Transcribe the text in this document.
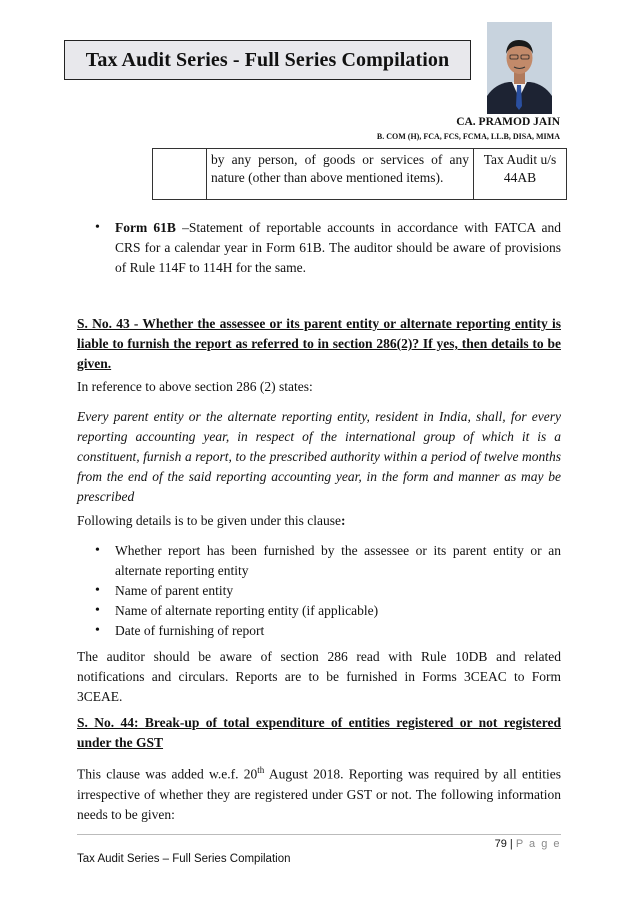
Tax Audit Series - Full Series Compilation
CA. PRAMOD JAIN
B. COM (H), FCA, FCS, FCMA, LL.B, DISA, MIMA
	by any person, of goods or services of any nature (other than above mentioned items).	Tax Audit u/s 44AB
• Form 61B –Statement of reportable accounts in accordance with FATCA and CRS for a calendar year in Form 61B. The auditor should be aware of provisions of Rule 114F to 114H for the same.
S. No. 43 - Whether the assessee or its parent entity or alternate reporting entity is liable to furnish the report as referred to in section 286(2)? If yes, then details to be given.
In reference to above section 286 (2) states:
Every parent entity or the alternate reporting entity, resident in India, shall, for every reporting accounting year, in respect of the international group of which it is a constituent, furnish a report, to the prescribed authority within a period of twelve months from the end of the said reporting accounting year, in the form and manner as may be prescribed
Following details is to be given under this clause:
• Whether report has been furnished by the assessee or its parent entity or an alternate reporting entity
• Name of parent entity
• Name of alternate reporting entity (if applicable)
• Date of furnishing of report
The auditor should be aware of section 286 read with Rule 10DB and related notifications and circulars. Reports are to be furnished in Forms 3CEAC to Form 3CEAE.
S. No. 44: Break-up of total expenditure of entities registered or not registered under the GST
This clause was added w.e.f. 20th August 2018. Reporting was required by all entities irrespective of whether they are registered under GST or not. The following information needs to be given:
79 | P a g e
Tax Audit Series – Full Series Compilation
